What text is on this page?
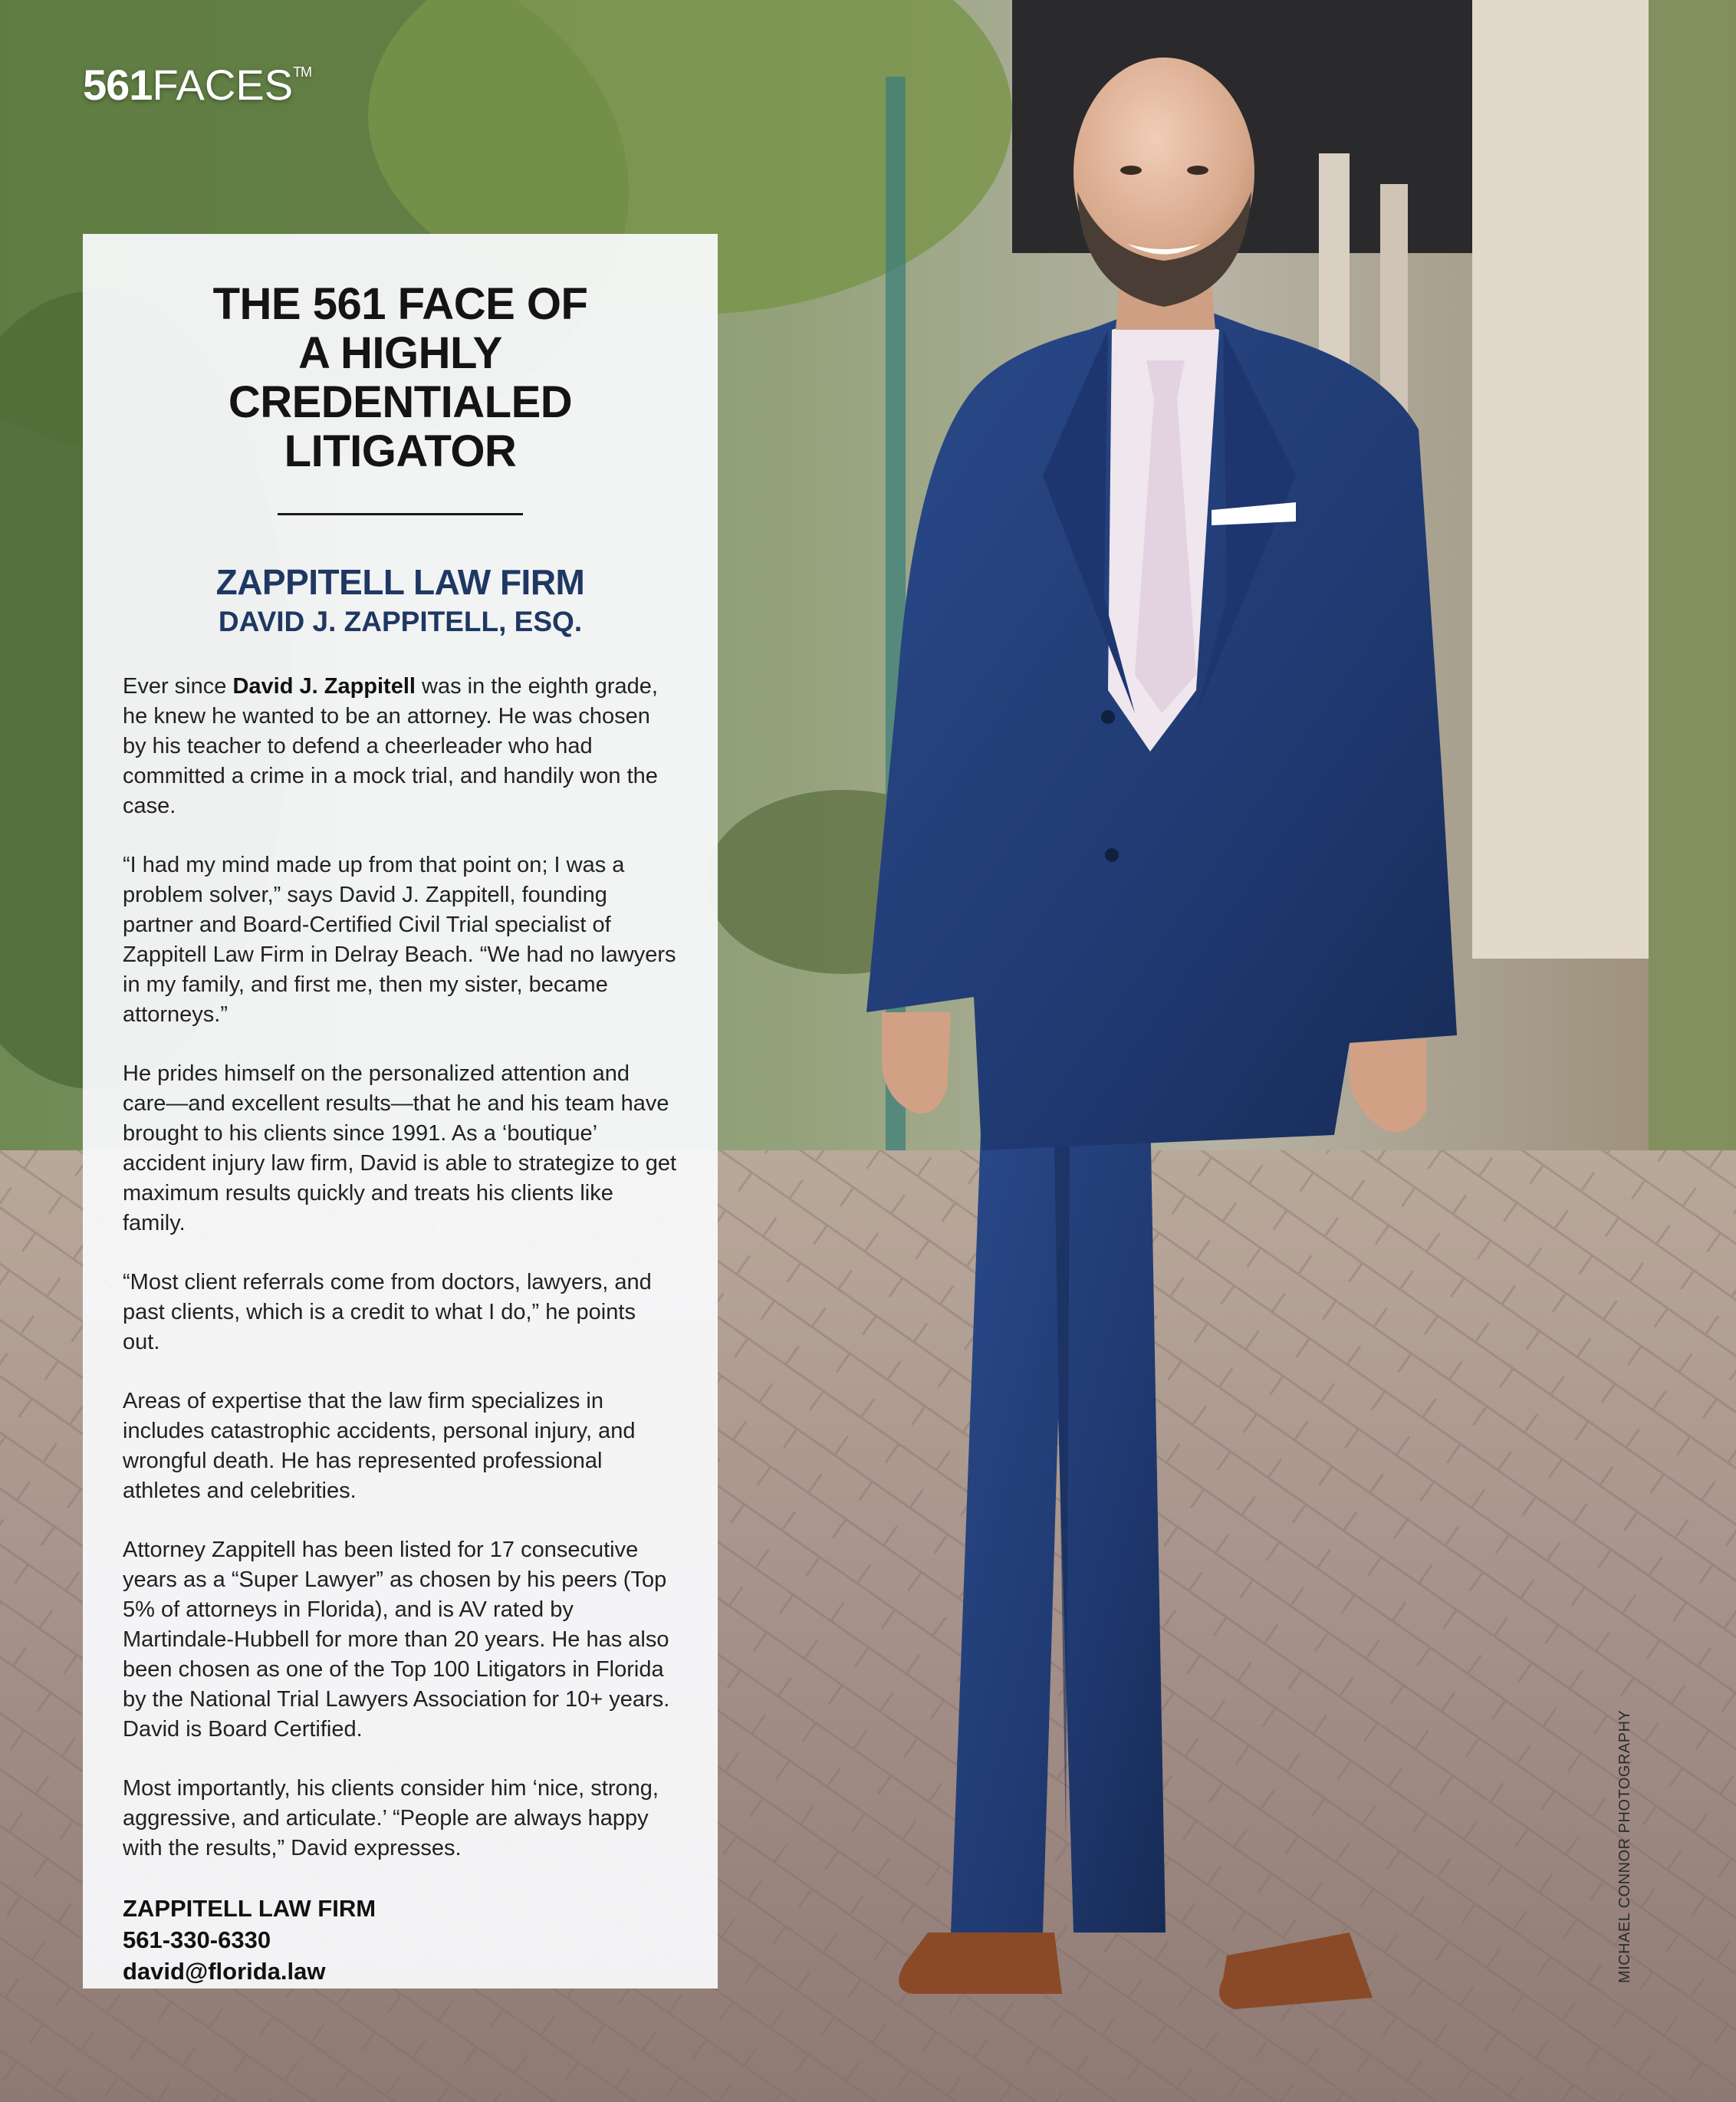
561FACES™
THE 561 FACE OF
A HIGHLY
CREDENTIALED
LITIGATOR
ZAPPITELL LAW FIRM
DAVID J. ZAPPITELL, ESQ.

Ever since David J. Zappitell was in the eighth grade, he knew he wanted to be an attorney. He was chosen by his teacher to defend a cheerleader who had committed a crime in a mock trial, and handily won the case.

“I had my mind made up from that point on; I was a problem solver,” says David J. Zappitell, founding partner and Board-Certified Civil Trial specialist of Zappitell Law Firm in Delray Beach. “We had no lawyers in my family, and first me, then my sister, became attorneys.”

He prides himself on the personalized attention and care—and excellent results—that he and his team have brought to his clients since 1991. As a ‘boutique’ accident injury law firm, David is able to strategize to get maximum results quickly and treats his clients like family.

“Most client referrals come from doctors, lawyers, and past clients, which is a credit to what I do,” he points out.

Areas of expertise that the law firm specializes in includes catastrophic accidents, personal injury, and wrongful death. He has represented professional athletes and celebrities.

Attorney Zappitell has been listed for 17 consecutive years as a “Super Lawyer” as chosen by his peers (Top 5% of attorneys in Florida), and is AV rated by Martindale-Hubbell for more than 20 years. He has also been chosen as one of the Top 100 Litigators in Florida by the National Trial Lawyers Association for 10+ years. David is Board Certified.

Most importantly, his clients consider him ‘nice, strong, aggressive, and articulate.’ “People are always happy with the results,” David expresses.

ZAPPITELL LAW FIRM
561-330-6330
david@florida.law	MICHAEL CONNOR PHOTOGRAPHY
